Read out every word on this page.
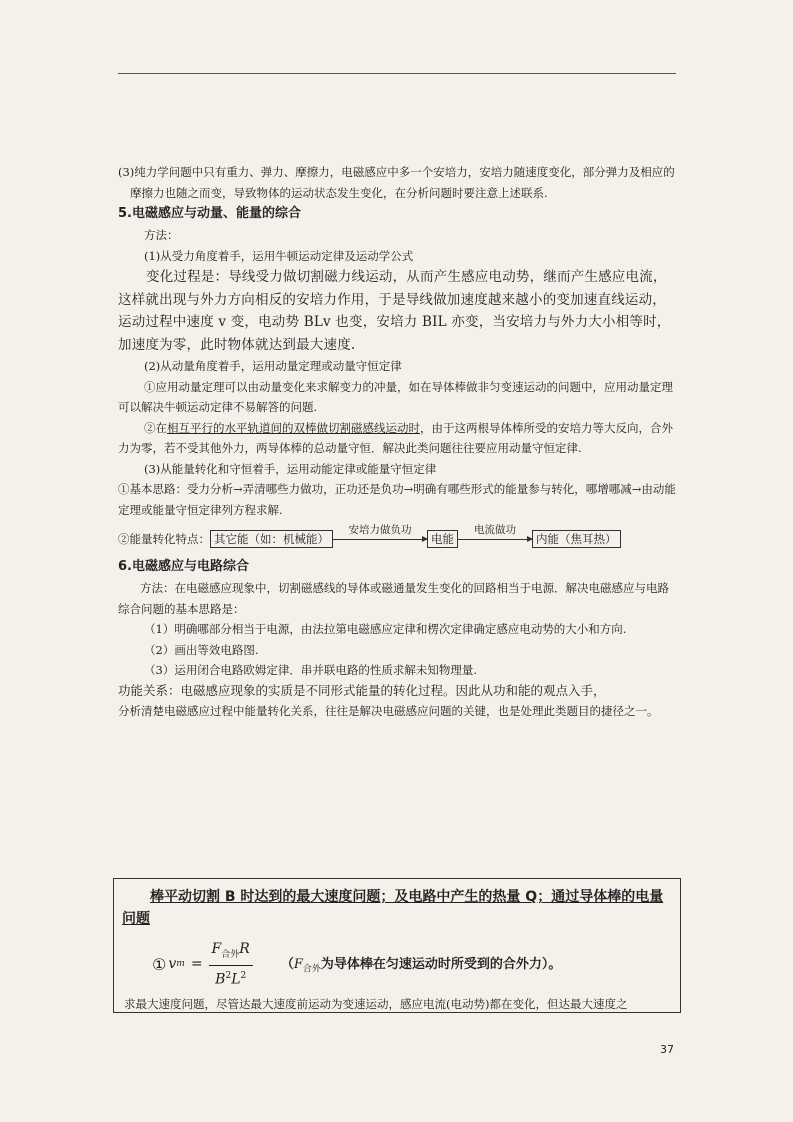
(3)纯力学问题中只有重力、弹力、摩擦力，电磁感应中多一个安培力，安培力随速度变化，部分弹力及相应的摩擦力也随之而变，导致物体的运动状态发生变化，在分析问题时要注意上述联系.

5.电磁感应与动量、能量的综合

方法：

(1)从受力角度着手，运用牛顿运动定律及运动学公式

变化过程是：导线受力做切割磁力线运动，从而产生感应电动势，继而产生感应电流，这样就出现与外力方向相反的安培力作用，于是导线做加速度越来越小的变加速直线运动，运动过程中速度 v 变，电动势 BLv 也变，安培力 BIL 亦变，当安培力与外力大小相等时，加速度为零，此时物体就达到最大速度.

(2)从动量角度着手，运用动量定理或动量守恒定律

①应用动量定理可以由动量变化来求解变力的冲量，如在导体棒做非匀变速运动的问题中，应用动量定理可以解决牛顿运动定律不易解答的问题.

②在相互平行的水平轨道间的双棒做切割磁感线运动时，由于这两根导体棒所受的安培力等大反向，合外力为零，若不受其他外力，两导体棒的总动量守恒．解决此类问题往往要应用动量守恒定律.

(3)从能量转化和守恒着手，运用动能定律或能量守恒定律

①基本思路：受力分析→弄清哪些力做功，正功还是负功→明确有哪些形式的能量参与转化，哪增哪减→由动能定理或能量守恒定律列方程求解.

②能量转化特点： 其它能（如：机械能）
安培力做负功
电能
电流做功
内能（焦耳热）

6.电磁感应与电路综合

方法：在电磁感应现象中，切割磁感线的导体或磁通量发生变化的回路相当于电源．解决电磁感应与电路综合问题的基本思路是：

（1）明确哪部分相当于电源，由法拉第电磁感应定律和楞次定律确定感应电动势的大小和方向.

（2）画出等效电路图.

（3）运用闭合电路欧姆定律．串并联电路的性质求解未知物理量.

功能关系：电磁感应现象的实质是不同形式能量的转化过程。因此从功和能的观点入手，

分析清楚电磁感应过程中能量转化关系，往往是解决电磁感应问题的关键，也是处理此类题目的捷径之一。

棒平动切割 B 时达到的最大速度问题；及电路中产生的热量 Q；通过导体棒的电量问题
① v $m = \frac{F_{合外}R}{B^2L^2} (F_{合外}$为导体棒在匀速运动时所受到的合外力）。
求最大速度问题，尽管达最大速度前运动为变速运动，感应电流(电动势)都在变化，但达最大速度之
37
